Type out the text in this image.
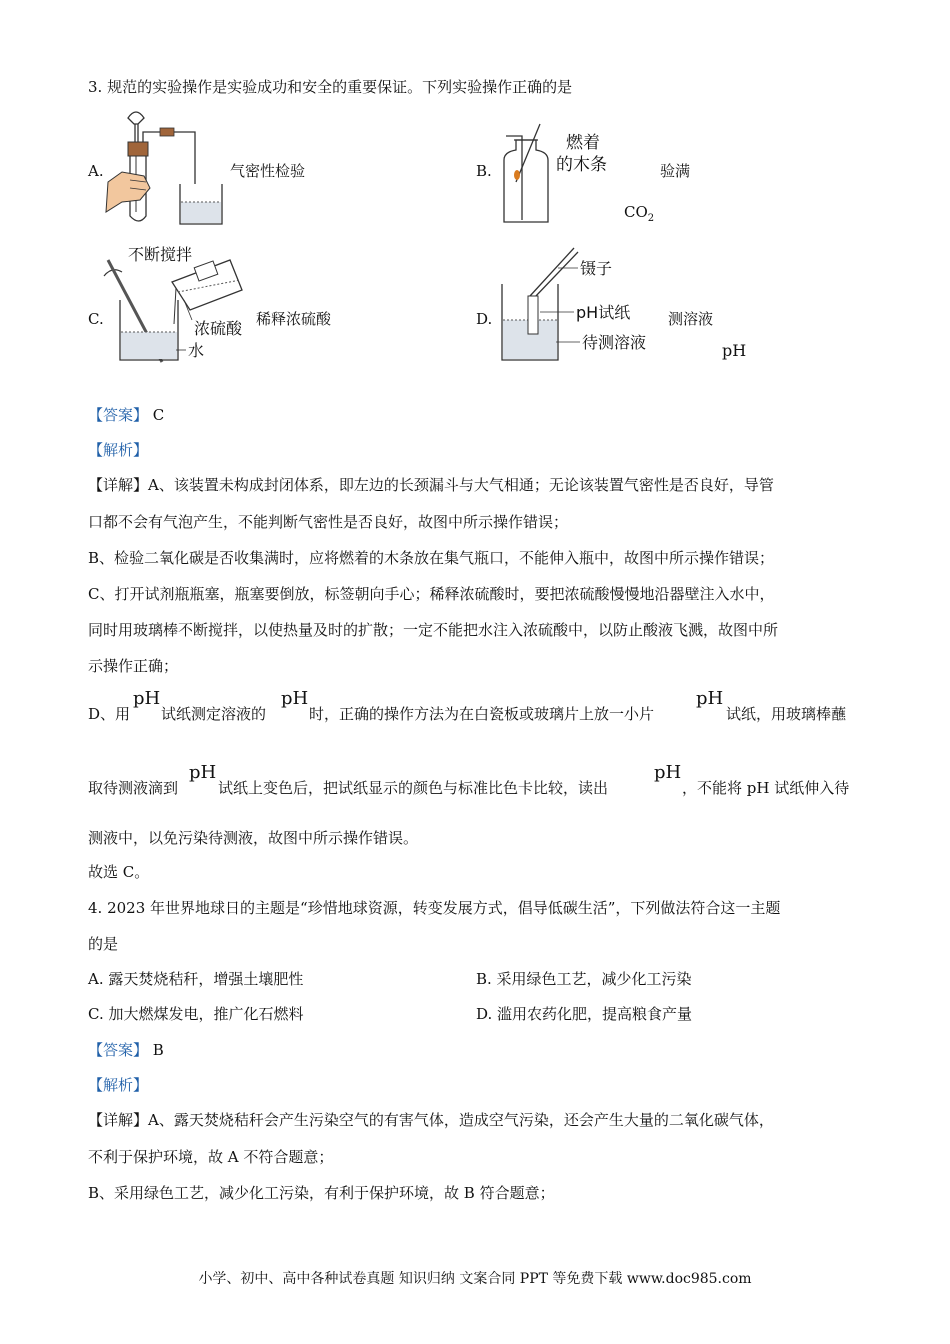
3. 规范的实验操作是实验成功和安全的重要保证。下列实验操作正确的是
A.	气密性检验	B.
燃着
的木条	验满
$CO_2$
C.
不断搅拌
浓硫酸
水
稀释浓硫酸	D.
镊子
pH试纸
待测溶液
测溶液
pH
【答案】 C
【解析】
【详解】A、该装置未构成封闭体系，即左边的长颈漏斗与大气相通；无论该装置气密性是否良好，导管
口都不会有气泡产生，不能判断气密性是否良好，故图中所示操作错误；
B、检验二氧化碳是否收集满时，应将燃着的木条放在集气瓶口，不能伸入瓶中，故图中所示操作错误；
C、打开试剂瓶瓶塞，瓶塞要倒放，标签朝向手心；稀释浓硫酸时，要把浓硫酸慢慢地沿器壁注入水中，
同时用玻璃棒不断搅拌，以使热量及时的扩散；一定不能把水注入浓硫酸中，以防止酸液飞溅，故图中所
示操作正确；
D、用
pH
试纸测定溶液的
pH
时，正确的操作方法为在白瓷板或玻璃片上放一小片
pH
试纸，用玻璃棒蘸
取待测液滴到
pH
试纸上变色后，把试纸显示的颜色与标准比色卡比较，读出
pH
，不能将 pH 试纸伸入待
测液中，以免污染待测液，故图中所示操作错误。
故选 C。
4. 2023 年世界地球日的主题是“珍惜地球资源，转变发展方式，倡导低碳生活”，下列做法符合这一主题
的是
A. 露天焚烧秸秆，增强土壤肥性	B. 采用绿色工艺，减少化工污染
C. 加大燃煤发电，推广化石燃料	D. 滥用农药化肥，提高粮食产量
【答案】 B
【解析】
【详解】A、露天焚烧秸秆会产生污染空气的有害气体，造成空气污染，还会产生大量的二氧化碳气体，
不利于保护环境，故 A 不符合题意；
B、采用绿色工艺，减少化工污染，有利于保护环境，故 B 符合题意；
小学、初中、高中各种试卷真题 知识归纳 文案合同 PPT 等免费下载 www.doc985.com
